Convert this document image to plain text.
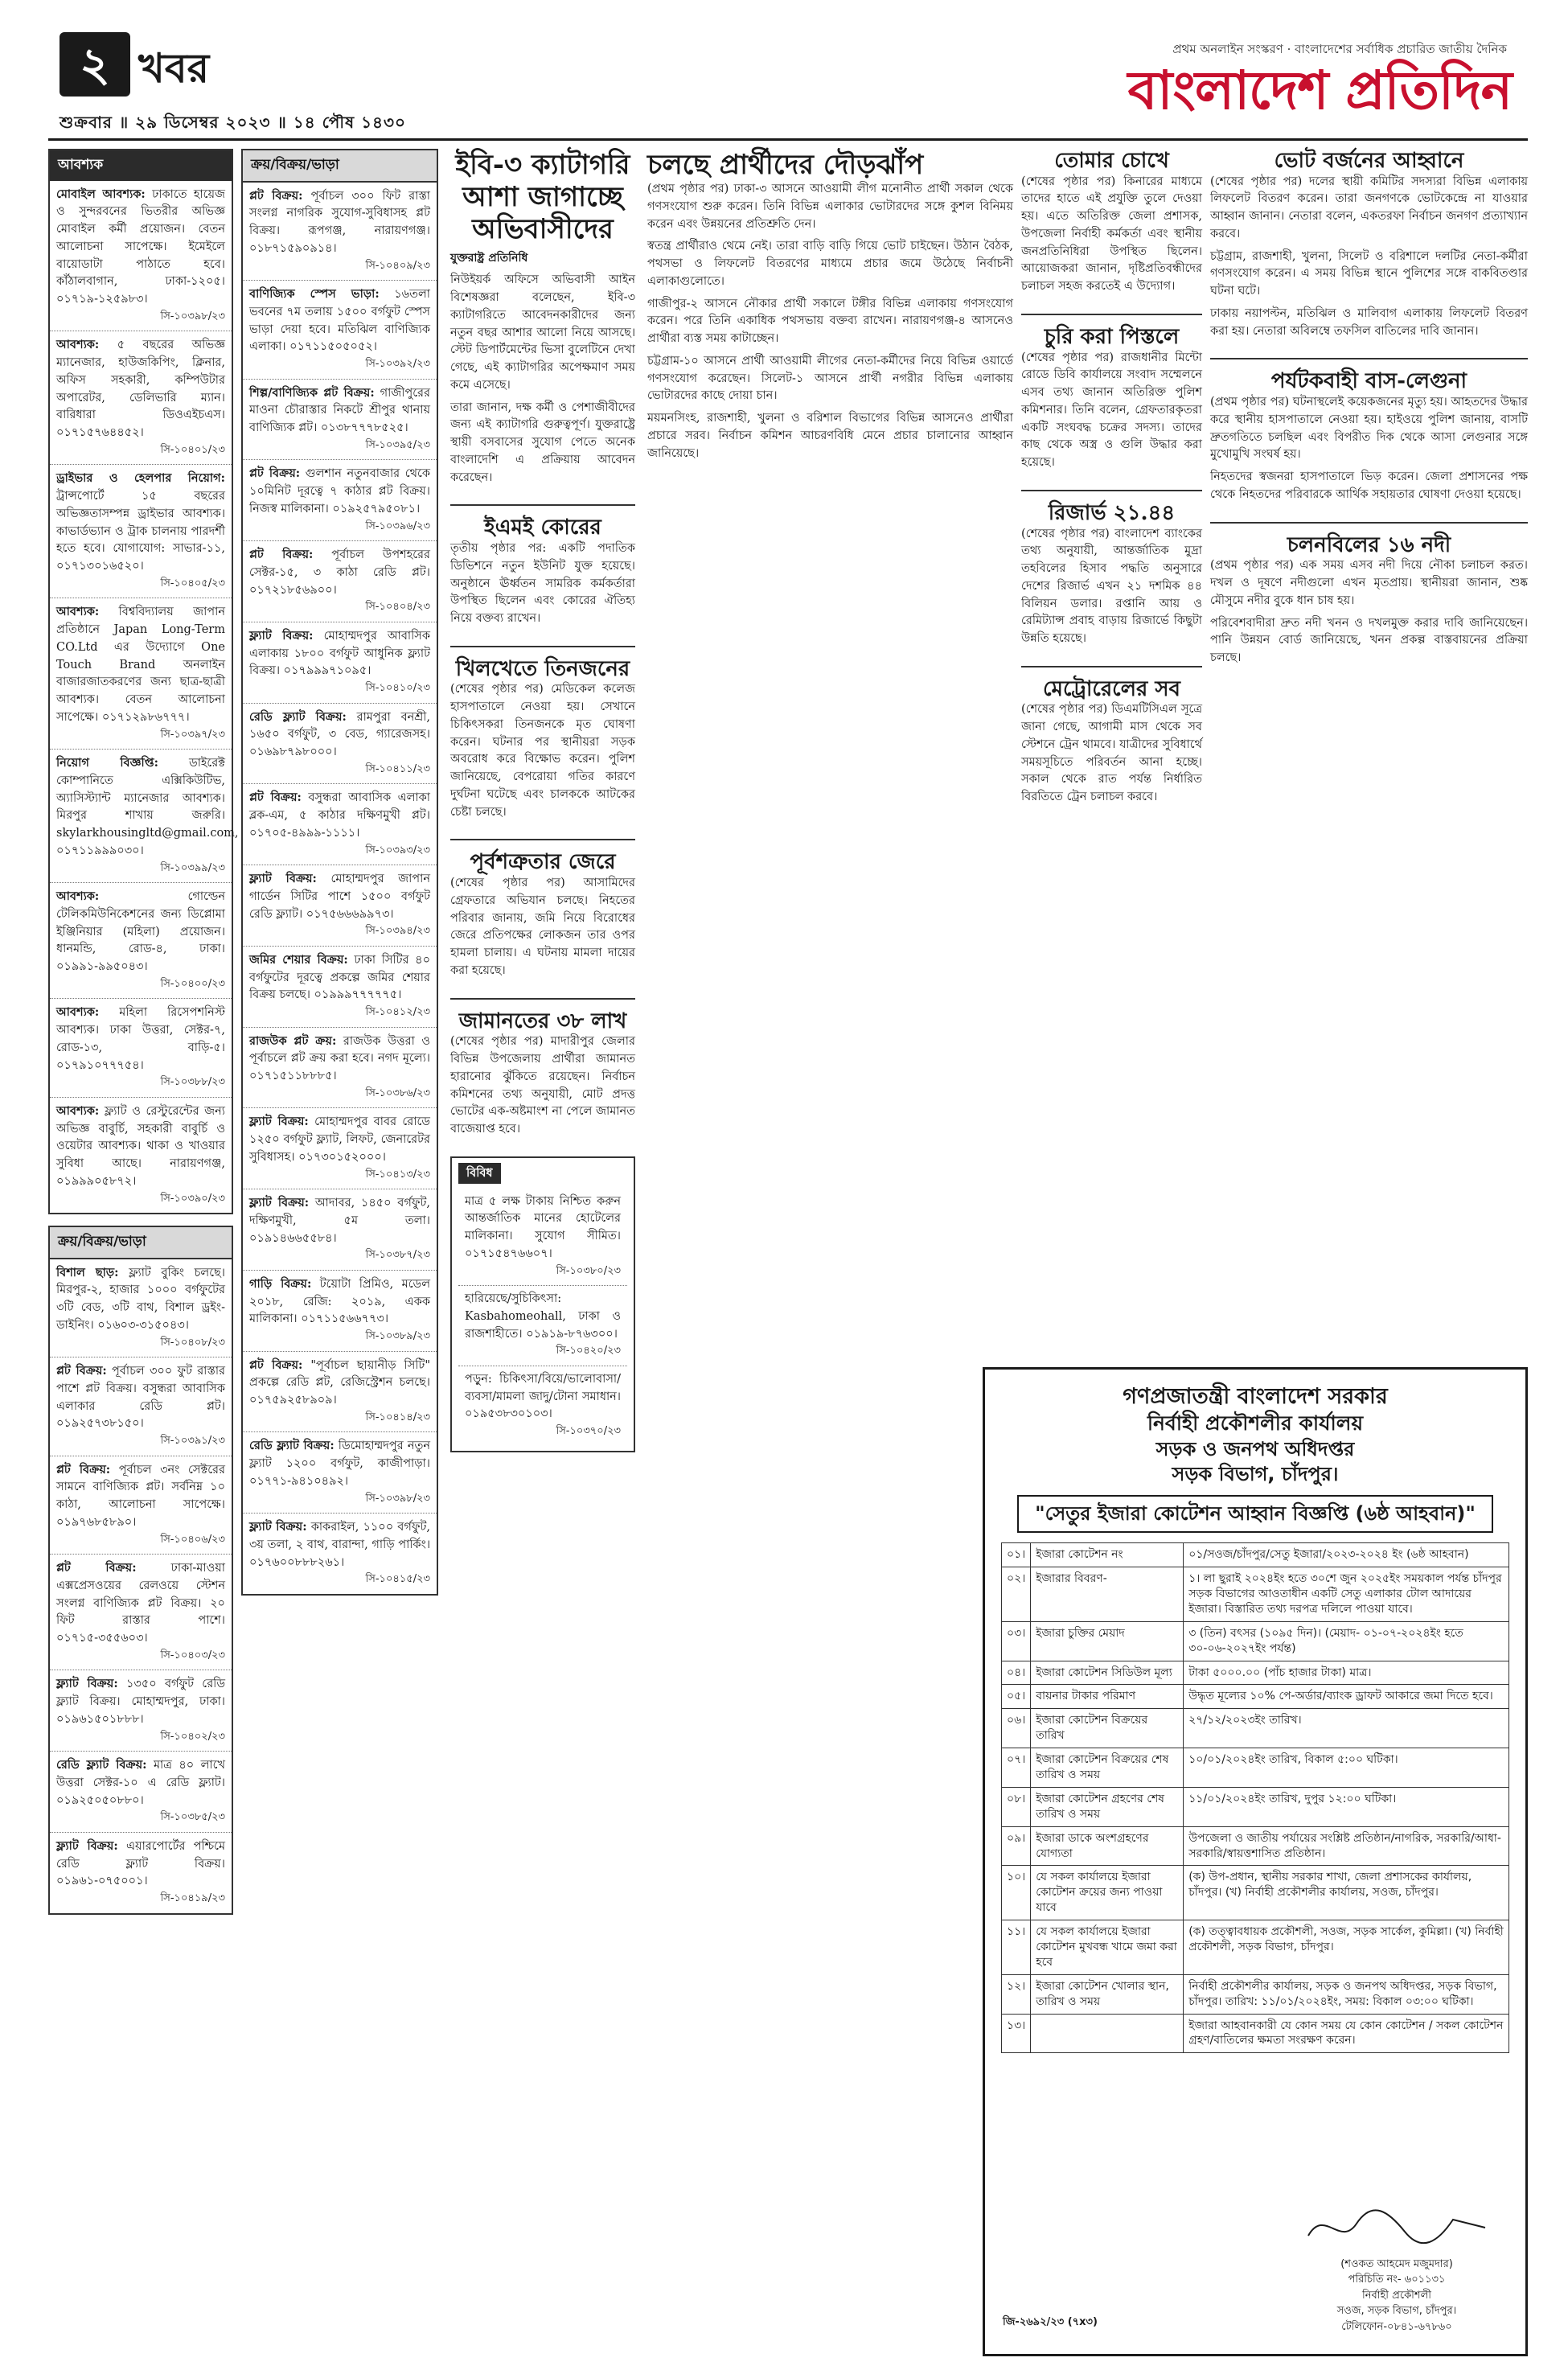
২ খবর
শুক্রবার ॥ ২৯ ডিসেম্বর ২০২৩ ॥ ১৪ পৌষ ১৪৩০
প্রথম অনলাইন সংস্করণ · বাংলাদেশের সর্বাধিক প্রচারিত জাতীয় দৈনিক
বাংলাদেশ প্রতিদিন
আবশ্যক
মোবাইল আবশ্যক: ঢাকাতে হায়েজ ও সুন্দরবনের ভিতরীর অভিজ্ঞ মোবাইল কর্মী প্রয়োজন। বেতন আলোচনা সাপেক্ষে। ইমেইলে বায়োডাটা পাঠাতে হবে। কাঁঠালবাগান, ঢাকা-১২০৫। ০১৭১৯-১২৫৯৮৩।
সি-১০৩৯৮/২৩
আবশ্যক: ৫ বছরের অভিজ্ঞ ম্যানেজার, হাউজকিপিং, ক্লিনার, অফিস সহকারী, কম্পিউটার অপারেটর, ডেলিভারি ম্যান। বারিধারা ডিওএইচএস। ০১৭১৫৭৬৪৪৫২।
সি-১০৪০১/২৩
ড্রাইভার ও হেলপার নিয়োগ: ট্রান্সপোর্টে ১৫ বছরের অভিজ্ঞতাসম্পন্ন ড্রাইভার আবশ্যক। কাভার্ডভ্যান ও ট্রাক চালনায় পারদর্শী হতে হবে। যোগাযোগ: সাভার-১১, ০১৭১৩০১৬৫২০।
সি-১০৪০৫/২৩
আবশ্যক: বিশ্ববিদ্যালয় জাপান প্রতিষ্ঠানে Japan Long-Term CO.Ltd এর উদ্যোগে One Touch Brand অনলাইন বাজারজাতকরণের জন্য ছাত্র-ছাত্রী আবশ্যক। বেতন আলোচনা সাপেক্ষে। ০১৭১২৯৮৬৭৭৭।
সি-১০৩৯৭/২৩
নিয়োগ বিজ্ঞপ্তি:	ডাইরেক্ট কোম্পানিতে এক্সিকিউটিভ, অ্যাসিস্ট্যান্ট ম্যানেজার আবশ্যক। মিরপুর শাখায় জরুরি। skylarkhousingltd@gmail.com, ০১৭১১৯৯৯০৩০।
সি-১০৩৯৯/২৩
আবশ্যক:	গোল্ডেন টেলিকমিউনিকেশনের জন্য ডিপ্লোমা ইঞ্জিনিয়ার (মহিলা) প্রয়োজন। ধানমন্ডি, রোড-৪, ঢাকা। ০১৯৯১-৯৯৫০৪৩।
সি-১০৪০০/২৩
আবশ্যক: মহিলা রিসেপশনিস্ট আবশ্যক। ঢাকা উত্তরা, সেক্টর-৭, রোড-১৩, বাড়ি-৫। ০১৭৯১০৭৭৭৫৪।
সি-১০৩৮৮/২৩
আবশ্যক: ফ্ল্যাট ও রেস্টুরেন্টের জন্য অভিজ্ঞ বাবুর্চি, সহকারী বাবুর্চি ও ওয়েটার আবশ্যক। থাকা ও খাওয়ার সুবিধা আছে। নারায়ণগঞ্জ, ০১৯৯৯০৫৮৭২।
সি-১০৩৯০/২৩
ক্রয়/বিক্রয়/ভাড়া
বিশাল ছাড়: ফ্ল্যাট বুকিং চলছে। মিরপুর-২, হাজার ১০০০ বর্গফুটের ৩টি বেড, ৩টি বাথ, বিশাল ড্রইং-ডাইনিং। ০১৬০৩-৩১৫০৪৩।
সি-১০৪০৮/২৩
প্লট বিক্রয়: পূর্বাচল ৩০০ ফুট রাস্তার পাশে প্লট বিক্রয়। বসুন্ধরা আবাসিক এলাকার রেডি প্লট। ০১৯২৫৭৩৮১৫০।
সি-১০৩৯১/২৩
প্লট বিক্রয়: পূর্বাচল ৩নং সেক্টরের সামনে বাণিজ্যিক প্লট। সর্বনিম্ন ১০ কাঠা, আলোচনা সাপেক্ষে। ০১৯৭৬৮৫৮৯০।
সি-১০৪০৬/২৩
প্লট বিক্রয়:	ঢাকা-মাওয়া এক্সপ্রেসওয়ের রেলওয়ে স্টেশন সংলগ্ন বাণিজ্যিক প্লট বিক্রয়। ২০ ফিট রাস্তার পাশে। ০১৭১৫-৩৫৫৬০৩।
সি-১০৪০৩/২৩
ফ্ল্যাট বিক্রয়: ১৩৫০ বর্গফুট রেডি ফ্ল্যাট বিক্রয়। মোহাম্মদপুর, ঢাকা। ০১৯৬১৫০১৮৮৮।
সি-১০৪০২/২৩
রেডি ফ্ল্যাট বিক্রয়: মাত্র ৪০ লাখে উত্তরা সেক্টর-১০ এ রেডি ফ্ল্যাট। ০১৯২৫০৫০৮৮০।
সি-১০৩৮৫/২৩
ফ্ল্যাট বিক্রয়: এয়ারপোর্টের পশ্চিমে রেডি ফ্ল্যাট বিক্রয়। ০১৯৬১-০৭৫০০১।
সি-১০৪১৯/২৩
ক্রয়/বিক্রয়/ভাড়া
প্লট বিক্রয়: পূর্বাচল ৩০০ ফিট রাস্তা সংলগ্ন নাগরিক সুযোগ-সুবিধাসহ প্লট বিক্রয়। রূপগঞ্জ, নারায়ণগঞ্জ। ০১৮৭১৫৯০৯১৪।
সি-১০৪০৯/২৩
বাণিজ্যিক স্পেস ভাড়া: ১৬তলা ভবনের ৭ম তলায় ১৫০০ বর্গফুট স্পেস ভাড়া দেয়া হবে। মতিঝিল বাণিজ্যিক এলাকা। ০১৭১১৫০৫০৫২।
সি-১০৩৯২/২৩
শিল্প/বাণিজ্যিক প্লট বিক্রয়: গাজীপুরের মাওনা চৌরাস্তার নিকটে শ্রীপুর থানায় বাণিজ্যিক প্লট। ০১৩৮৭৭৭৮৫২৫।
সি-১০৩৯৫/২৩
প্লট বিক্রয়: গুলশান নতুনবাজার থেকে ১০মিনিট দূরত্বে ৭ কাঠার প্লট বিক্রয়। নিজস্ব মালিকানা। ০১৯২৫৭৯৫০৮১।
সি-১০৩৯৬/২৩
প্লট বিক্রয়: পূর্বাচল উপশহরের সেক্টর-১৫, ৩ কাঠা রেডি প্লট। ০১৭২১৮৫৬৯০০।
সি-১০৪০৪/২৩
ফ্ল্যাট বিক্রয়: মোহাম্মদপুর আবাসিক এলাকায় ১৮০০ বর্গফুট আধুনিক ফ্ল্যাট বিক্রয়। ০১৭৯৯৯৭১০৯৫।
সি-১০৪১০/২৩
রেডি ফ্ল্যাট বিক্রয়: রামপুরা বনশ্রী, ১৬৫০ বর্গফুট, ৩ বেড, গ্যারেজসহ। ০১৬৯৮৭৯৮০০০।
সি-১০৪১১/২৩
প্লট বিক্রয়: বসুন্ধরা আবাসিক এলাকা ব্লক-এম, ৫ কাঠার দক্ষিণমুখী প্লট। ০১৭০৫-৪৯৯৯-১১১১।
সি-১০৩৯৩/২৩
ফ্ল্যাট বিক্রয়: মোহাম্মদপুর জাপান গার্ডেন সিটির পাশে ১৫০০ বর্গফুট রেডি ফ্ল্যাট। ০১৭৫৬৬৬৯৯৭৩।
সি-১০৩৯৪/২৩
জমির শেয়ার বিক্রয়: ঢাকা সিটির ৪০ বর্গফুটের দূরত্বে প্রকল্পে জমির শেয়ার বিক্রয় চলছে। ০১৯৯৯৭৭৭৭৭৫।
সি-১০৪১২/২৩
রাজউক প্লট ক্রয়: রাজউক উত্তরা ও পূর্বাচলে প্লট ক্রয় করা হবে। নগদ মূল্যে। ০১৭১৫১১৮৮৮৫।
সি-১০৩৮৬/২৩
ফ্ল্যাট বিক্রয়: মোহাম্মদপুর বাবর রোডে ১২৫০ বর্গফুট ফ্ল্যাট, লিফট, জেনারেটর সুবিধাসহ। ০১৭৩০১৫২০০০।
সি-১০৪১৩/২৩
ফ্ল্যাট বিক্রয়: আদাবর, ১৪৫০ বর্গফুট, দক্ষিণমুখী, ৫ম তলা। ০১৯১৪৬৬৫৫৮৪।
সি-১০৩৮৭/২৩
গাড়ি বিক্রয়: টয়োটা প্রিমিও, মডেল ২০১৮, রেজি: ২০১৯, একক মালিকানা। ০১৭১১৫৬৬৭৭৩।
সি-১০৩৮৯/২৩
প্লট বিক্রয়: "পূর্বাচল ছায়ানীড় সিটি" প্রকল্পে রেডি প্লট, রেজিস্ট্রেশন চলছে। ০১৭৫৯২৫৮৯০৯।
সি-১০৪১৪/২৩
রেডি ফ্ল্যাট বিক্রয়: ডিমোহাম্মদপুর নতুন ফ্ল্যাট ১২০০ বর্গফুট, কাজীপাড়া। ০১৭৭১-৯৪১০৪৯২।
সি-১০৩৯৮/২৩
ফ্ল্যাট বিক্রয়: কাকরাইল, ১১০০ বর্গফুট, ৩য় তলা, ২ বাথ, বারান্দা, গাড়ি পার্কিং। ০১৭৬০০৮৮৮২৬১।
সি-১০৪১৫/২৩
ইবি-৩ ক্যাটাগরি আশা জাগাচ্ছে অভিবাসীদের
যুক্তরাষ্ট্র প্রতিনিধি

নিউইয়র্ক অফিসে অভিবাসী আইন বিশেষজ্ঞরা বলেছেন, ইবি-৩ ক্যাটাগরিতে আবেদনকারীদের জন্য নতুন বছর আশার আলো নিয়ে আসছে। স্টেট ডিপার্টমেন্টের ভিসা বুলেটিনে দেখা গেছে, এই ক্যাটাগরির অপেক্ষমাণ সময় কমে এসেছে।

তারা জানান, দক্ষ কর্মী ও পেশাজীবীদের জন্য এই ক্যাটাগরি গুরুত্বপূর্ণ। যুক্তরাষ্ট্রে স্থায়ী বসবাসের সুযোগ পেতে অনেক বাংলাদেশি এ প্রক্রিয়ায় আবেদন করেছেন।

ইএমই কোরের

তৃতীয় পৃষ্ঠার পর: একটি পদাতিক ডিভিশনে নতুন ইউনিট যুক্ত হয়েছে। অনুষ্ঠানে ঊর্ধ্বতন সামরিক কর্মকর্তারা উপস্থিত ছিলেন এবং কোরের ঐতিহ্য নিয়ে বক্তব্য রাখেন।

খিলখেতে তিনজনের

(শেষের পৃষ্ঠার পর) মেডিকেল কলেজ হাসপাতালে নেওয়া হয়। সেখানে চিকিৎসকরা তিনজনকে মৃত ঘোষণা করেন। ঘটনার পর স্থানীয়রা সড়ক অবরোধ করে বিক্ষোভ করেন। পুলিশ জানিয়েছে, বেপরোয়া গতির কারণে দুর্ঘটনা ঘটেছে এবং চালককে আটকের চেষ্টা চলছে।

পূর্বশত্রুতার জেরে

(শেষের পৃষ্ঠার পর) আসামিদের গ্রেফতারে অভিযান চলছে। নিহতের পরিবার জানায়, জমি নিয়ে বিরোধের জেরে প্রতিপক্ষের লোকজন তার ওপর হামলা চালায়। এ ঘটনায় মামলা দায়ের করা হয়েছে।

জামানতের ৩৮ লাখ

(শেষের পৃষ্ঠার পর) মাদারীপুর জেলার বিভিন্ন উপজেলায় প্রার্থীরা জামানত হারানোর ঝুঁকিতে রয়েছেন। নির্বাচন কমিশনের তথ্য অনুযায়ী, মোট প্রদত্ত ভোটের এক-অষ্টমাংশ না পেলে জামানত বাজেয়াপ্ত হবে।

বিবিধ
মাত্র ৫ লক্ষ টাকায় নিশ্চিত করুন আন্তর্জাতিক মানের হোটেলের মালিকানা। সুযোগ সীমিত। ০১৭১৫৪৭৬৬০৭।
সি-১০৩৮০/২৩
হারিয়েছে/সুচিকিৎসা: Kasbahomeohall, ঢাকা ও রাজশাহীতে। ০১৯১৯-৮৭৬৩০০।
সি-১০৪২০/২৩
পড়ুন: চিকিৎসা/বিয়ে/ভালোবাসা/ব্যবসা/মামলা জাদু/টোনা সমাধান। ০১৯৫৩৮৩০১০৩।
সি-১০৩৭০/২৩
চলছে প্রার্থীদের দৌড়ঝাঁপ

(প্রথম পৃষ্ঠার পর) ঢাকা-৩ আসনে আওয়ামী লীগ মনোনীত প্রার্থী সকাল থেকে গণসংযোগ শুরু করেন। তিনি বিভিন্ন এলাকার ভোটারদের সঙ্গে কুশল বিনিময় করেন এবং উন্নয়নের প্রতিশ্রুতি দেন।

স্বতন্ত্র প্রার্থীরাও থেমে নেই। তারা বাড়ি বাড়ি গিয়ে ভোট চাইছেন। উঠান বৈঠক, পথসভা ও লিফলেট বিতরণের মাধ্যমে প্রচার জমে উঠেছে নির্বাচনী এলাকাগুলোতে।

গাজীপুর-২ আসনে নৌকার প্রার্থী সকালে টঙ্গীর বিভিন্ন এলাকায় গণসংযোগ করেন। পরে তিনি একাধিক পথসভায় বক্তব্য রাখেন। নারায়ণগঞ্জ-৪ আসনেও প্রার্থীরা ব্যস্ত সময় কাটাচ্ছেন।

চট্টগ্রাম-১০ আসনে প্রার্থী আওয়ামী লীগের নেতা-কর্মীদের নিয়ে বিভিন্ন ওয়ার্ডে গণসংযোগ করেছেন। সিলেট-১ আসনে প্রার্থী নগরীর বিভিন্ন এলাকায় ভোটারদের কাছে দোয়া চান।

ময়মনসিংহ, রাজশাহী, খুলনা ও বরিশাল বিভাগের বিভিন্ন আসনেও প্রার্থীরা প্রচারে সরব। নির্বাচন কমিশন আচরণবিধি মেনে প্রচার চালানোর আহ্বান জানিয়েছে।

তোমার চোখে

(শেষের পৃষ্ঠার পর) কিনারের মাধ্যমে তাদের হাতে এই প্রযুক্তি তুলে দেওয়া হয়। এতে অতিরিক্ত জেলা প্রশাসক, উপজেলা নির্বাহী কর্মকর্তা এবং স্থানীয় জনপ্রতিনিধিরা উপস্থিত ছিলেন। আয়োজকরা জানান, দৃষ্টিপ্রতিবন্ধীদের চলাচল সহজ করতেই এ উদ্যোগ।

চুরি করা পিস্তলে

(শেষের পৃষ্ঠার পর) রাজধানীর মিন্টো রোডে ডিবি কার্যালয়ে সংবাদ সম্মেলনে এসব তথ্য জানান অতিরিক্ত পুলিশ কমিশনার। তিনি বলেন, গ্রেফতারকৃতরা একটি সংঘবদ্ধ চক্রের সদস্য। তাদের কাছ থেকে অস্ত্র ও গুলি উদ্ধার করা হয়েছে।

রিজার্ভ ২১.৪৪

(শেষের পৃষ্ঠার পর) বাংলাদেশ ব্যাংকের তথ্য অনুযায়ী, আন্তর্জাতিক মুদ্রা তহবিলের হিসাব পদ্ধতি অনুসারে দেশের রিজার্ভ এখন ২১ দশমিক ৪৪ বিলিয়ন ডলার। রপ্তানি আয় ও রেমিট্যান্স প্রবাহ বাড়ায় রিজার্ভে কিছুটা উন্নতি হয়েছে।

মেট্রোরেলের সব

(শেষের পৃষ্ঠার পর) ডিএমটিসিএল সূত্রে জানা গেছে, আগামী মাস থেকে সব স্টেশনে ট্রেন থামবে। যাত্রীদের সুবিধার্থে সময়সূচিতে পরিবর্তন আনা হচ্ছে। সকাল থেকে রাত পর্যন্ত নির্ধারিত বিরতিতে ট্রেন চলাচল করবে।

ভোট বর্জনের আহ্বানে

(শেষের পৃষ্ঠার পর) দলের স্থায়ী কমিটির সদস্যরা বিভিন্ন এলাকায় লিফলেট বিতরণ করেন। তারা জনগণকে ভোটকেন্দ্রে না যাওয়ার আহ্বান জানান। নেতারা বলেন, একতরফা নির্বাচন জনগণ প্রত্যাখ্যান করবে।

চট্টগ্রাম, রাজশাহী, খুলনা, সিলেট ও বরিশালে দলটির নেতা-কর্মীরা গণসংযোগ করেন। এ সময় বিভিন্ন স্থানে পুলিশের সঙ্গে বাকবিতণ্ডার ঘটনা ঘটে।

ঢাকায় নয়াপল্টন, মতিঝিল ও মালিবাগ এলাকায় লিফলেট বিতরণ করা হয়। নেতারা অবিলম্বে তফসিল বাতিলের দাবি জানান।

পর্যটকবাহী বাস-লেগুনা

(প্রথম পৃষ্ঠার পর) ঘটনাস্থলেই কয়েকজনের মৃত্যু হয়। আহতদের উদ্ধার করে স্থানীয় হাসপাতালে নেওয়া হয়। হাইওয়ে পুলিশ জানায়, বাসটি দ্রুতগতিতে চলছিল এবং বিপরীত দিক থেকে আসা লেগুনার সঙ্গে মুখোমুখি সংঘর্ষ হয়।

নিহতদের স্বজনরা হাসপাতালে ভিড় করেন। জেলা প্রশাসনের পক্ষ থেকে নিহতদের পরিবারকে আর্থিক সহায়তার ঘোষণা দেওয়া হয়েছে।

চলনবিলের ১৬ নদী

(প্রথম পৃষ্ঠার পর) এক সময় এসব নদী দিয়ে নৌকা চলাচল করত। দখল ও দূষণে নদীগুলো এখন মৃতপ্রায়। স্থানীয়রা জানান, শুষ্ক মৌসুমে নদীর বুকে ধান চাষ হয়।

পরিবেশবাদীরা দ্রুত নদী খনন ও দখলমুক্ত করার দাবি জানিয়েছেন। পানি উন্নয়ন বোর্ড জানিয়েছে, খনন প্রকল্প বাস্তবায়নের প্রক্রিয়া চলছে।

গণপ্রজাতন্ত্রী বাংলাদেশ সরকার
নির্বাহী প্রকৌশলীর কার্যালয়
সড়ক ও জনপথ অধিদপ্তর
সড়ক বিভাগ, চাঁদপুর।
"সেতুর ইজারা কোটেশন আহ্বান বিজ্ঞপ্তি (৬ষ্ঠ আহবান)"
০১।	ইজারা কোটেশন নং	০১/সওজ/চাঁদপুর/সেতু ইজারা/২০২৩-২০২৪ ইং (৬ষ্ঠ আহবান)
০২।	ইজারার বিবরণ-	১। লা ছুরাই ২০২৪ইং হতে ৩০শে জুন ২০২৫ইং সময়কাল পর্যন্ত চাঁদপুর সড়ক বিভাগের আওতাধীন একটি সেতু এলাকার টোল আদায়ের ইজারা। বিস্তারিত তথ্য দরপত্র দলিলে পাওয়া যাবে।
০৩।	ইজারা চুক্তির মেয়াদ	৩ (তিন) বৎসর (১০৯৫ দিন)। (মেয়াদ- ০১-০৭-২০২৪ইং হতে ৩০-০৬-২০২৭ইং পর্যন্ত)
০৪।	ইজারা কোটেশন সিডিউল মূল্য	টাকা ৫০০০.০০ (পাঁচ হাজার টাকা) মাত্র।
০৫।	বায়নার টাকার পরিমাণ	উদ্ধৃত মূল্যের ১০% পে-অর্ডার/ব্যাংক ড্রাফট আকারে জমা দিতে হবে।
০৬।	ইজারা কোটেশন বিক্রয়ের তারিখ	২৭/১২/২০২৩ইং তারিখ।
০৭।	ইজারা কোটেশন বিক্রয়ের শেষ তারিখ ও সময়	১০/০১/২০২৪ইং তারিখ, বিকাল ৫:০০ ঘটিকা।
০৮।	ইজারা কোটেশন গ্রহণের শেষ তারিখ ও সময়	১১/০১/২০২৪ইং তারিখ, দুপুর ১২:০০ ঘটিকা।
০৯।	ইজারা ডাকে অংশগ্রহণের যোগ্যতা	উপজেলা ও জাতীয় পর্যায়ের সংশ্লিষ্ট প্রতিষ্ঠান/নাগরিক, সরকারি/আধা-সরকারি/স্বায়ত্তশাসিত প্রতিষ্ঠান।
১০।	যে সকল কার্যালয়ে ইজারা কোটেশন ক্রয়ের জন্য পাওয়া যাবে	(ক) উপ-প্রধান, স্থানীয় সরকার শাখা, জেলা প্রশাসকের কার্যালয়, চাঁদপুর। (খ) নির্বাহী প্রকৌশলীর কার্যালয়, সওজ, চাঁদপুর।
১১।	যে সকল কার্যালয়ে ইজারা কোটেশন মুখবন্ধ খামে জমা করা হবে	(ক) তত্ত্বাবধায়ক প্রকৌশলী, সওজ, সড়ক সার্কেল, কুমিল্লা। (খ) নির্বাহী প্রকৌশলী, সড়ক বিভাগ, চাঁদপুর।
১২।	ইজারা কোটেশন খোলার স্থান, তারিখ ও সময়	নির্বাহী প্রকৌশলীর কার্যালয়, সড়ক ও জনপথ অধিদপ্তর, সড়ক বিভাগ, চাঁদপুর। তারিখ: ১১/০১/২০২৪ইং, সময়: বিকাল ০৩:০০ ঘটিকা।
১৩।		ইজারা আহবানকারী যে কোন সময় যে কোন কোটেশন / সকল কোটেশন গ্রহণ/বাতিলের ক্ষমতা সংরক্ষণ করেন।
জি-২৬৯২/২৩ (৭x৩)
(শওকত আহমেদ মজুমদার)
পরিচিতি নং- ৬০১১৩১
নির্বাহী প্রকৌশলী
সওজ, সড়ক বিভাগ, চাঁদপুর।
টেলিফোন-০৮৪১-৬৭৮৬০
